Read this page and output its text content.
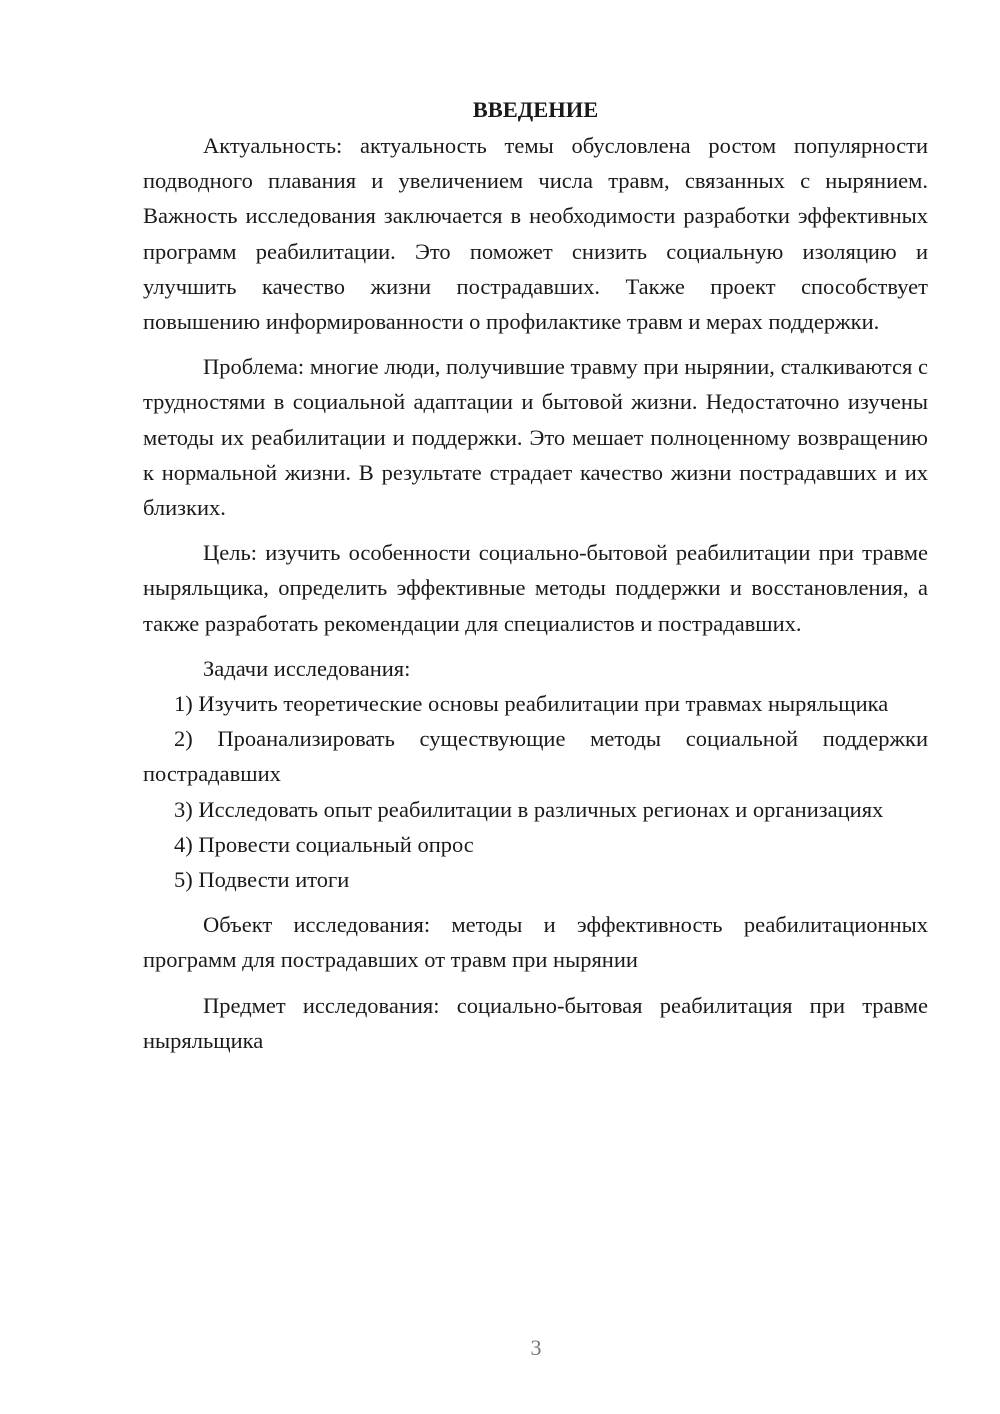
ВВЕДЕНИЕ

Актуальность: актуальность темы обусловлена ростом популярности подводного плавания и увеличением числа травм, связанных с нырянием. Важность исследования заключается в необходимости разработки эффективных программ реабилитации. Это поможет снизить социальную изоляцию и улучшить качество жизни пострадавших. Также проект способствует повышению информированности о профилактике травм и мерах поддержки.

Проблема: многие люди, получившие травму при нырянии, сталкиваются с трудностями в социальной адаптации и бытовой жизни. Недостаточно изучены методы их реабилитации и поддержки. Это мешает полноценному возвращению к нормальной жизни. В результате страдает качество жизни пострадавших и их близких.

Цель: изучить особенности социально-бытовой реабилитации при травме ныряльщика, определить эффективные методы поддержки и восстановления, а также разработать рекомендации для специалистов и пострадавших.

Задачи исследования:

1) Изучить теоретические основы реабилитации при травмах ныряльщика

2) Проанализировать существующие методы социальной поддержки пострадавших

3) Исследовать опыт реабилитации в различных регионах и организациях

4) Провести социальный опрос

5) Подвести итоги

Объект исследования: методы и эффективность реабилитационных программ для пострадавших от травм при нырянии

Предмет исследования: социально-бытовая реабилитация при травме ныряльщика

3
